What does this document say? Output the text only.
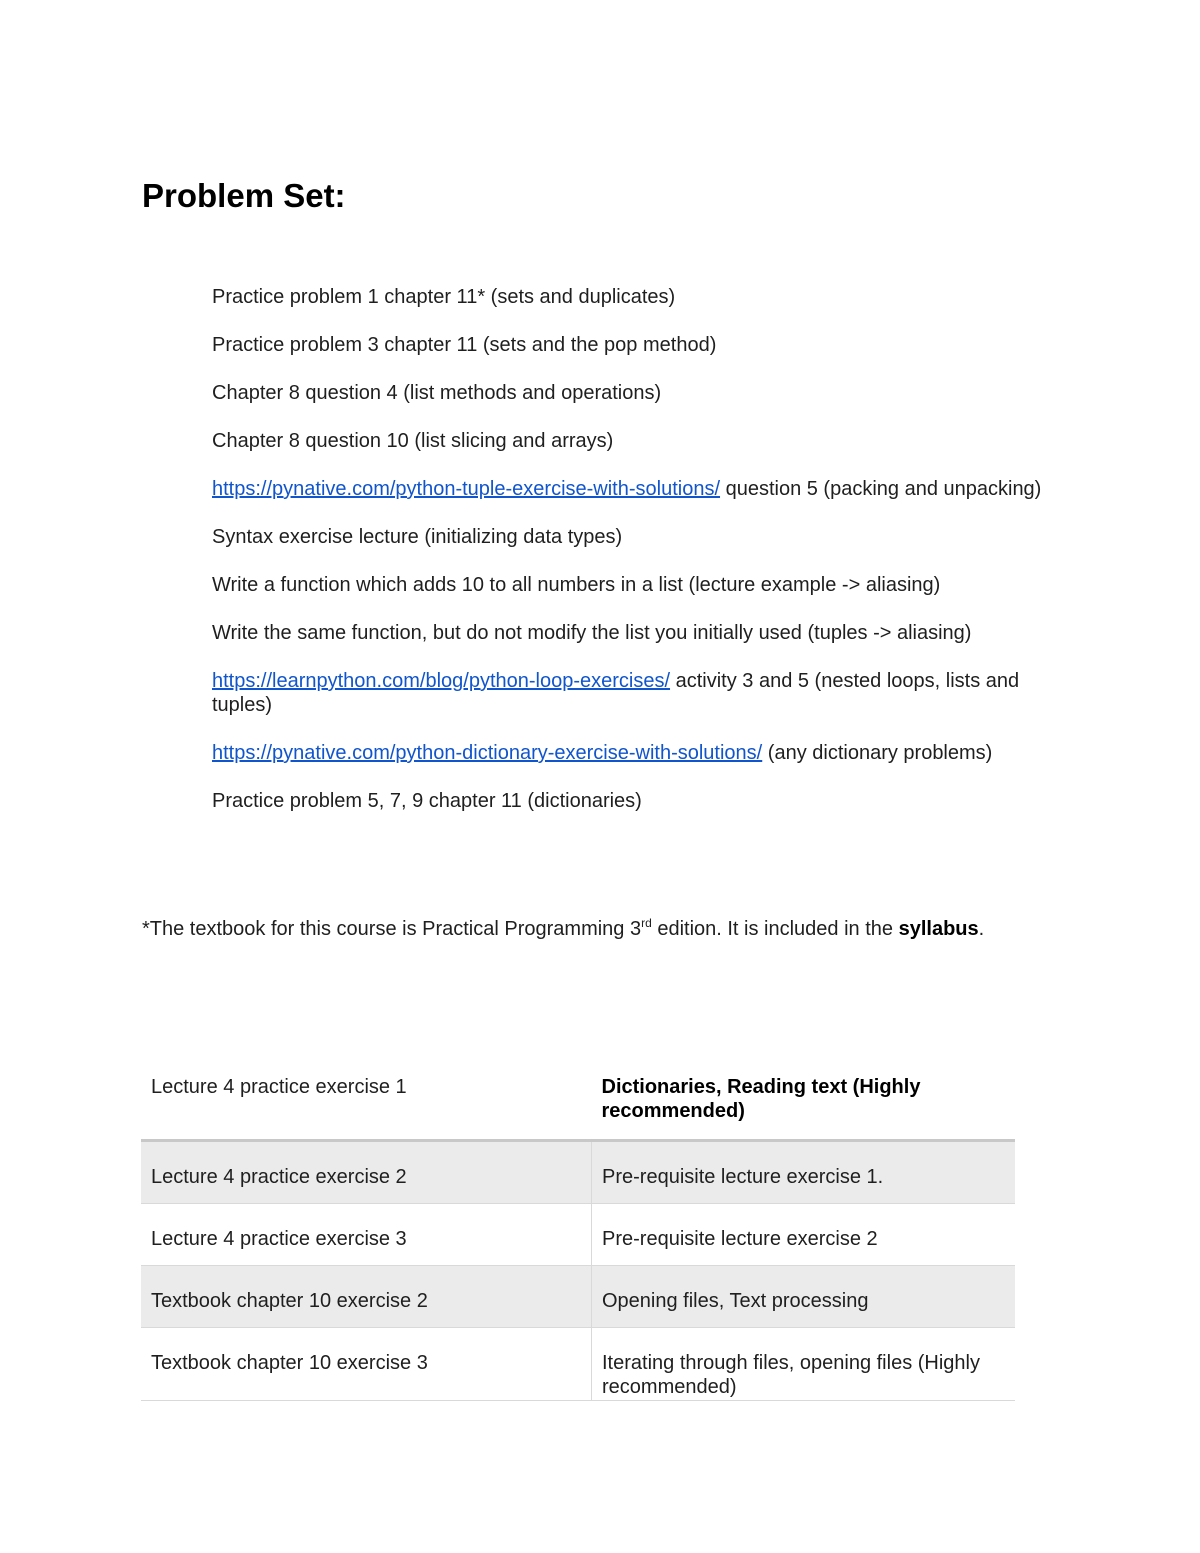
Problem Set:
Practice problem 1 chapter 11* (sets and duplicates)
Practice problem 3 chapter 11 (sets and the pop method)
Chapter 8 question 4 (list methods and operations)
Chapter 8 question 10 (list slicing and arrays)
https://pynative.com/python-tuple-exercise-with-solutions/ question 5 (packing and unpacking)
Syntax exercise lecture (initializing data types)
Write a function which adds 10 to all numbers in a list (lecture example -> aliasing)
Write the same function, but do not modify the list you initially used (tuples -> aliasing)
https://learnpython.com/blog/python-loop-exercises/ activity 3 and 5 (nested loops, lists and tuples)
https://pynative.com/python-dictionary-exercise-with-solutions/ (any dictionary problems)
Practice problem 5, 7, 9 chapter 11 (dictionaries)

*The textbook for this course is Practical Programming 3rd edition. It is included in the syllabus.

Lecture 4 practice exercise 1	Dictionaries, Reading text (Highly recommended)

Lecture 4 practice exercise 2	Pre-requisite lecture exercise 1.

Lecture 4 practice exercise 3	Pre-requisite lecture exercise 2

Textbook chapter 10 exercise 2	Opening files, Text processing

Textbook chapter 10 exercise 3	Iterating through files, opening files (Highly recommended)
